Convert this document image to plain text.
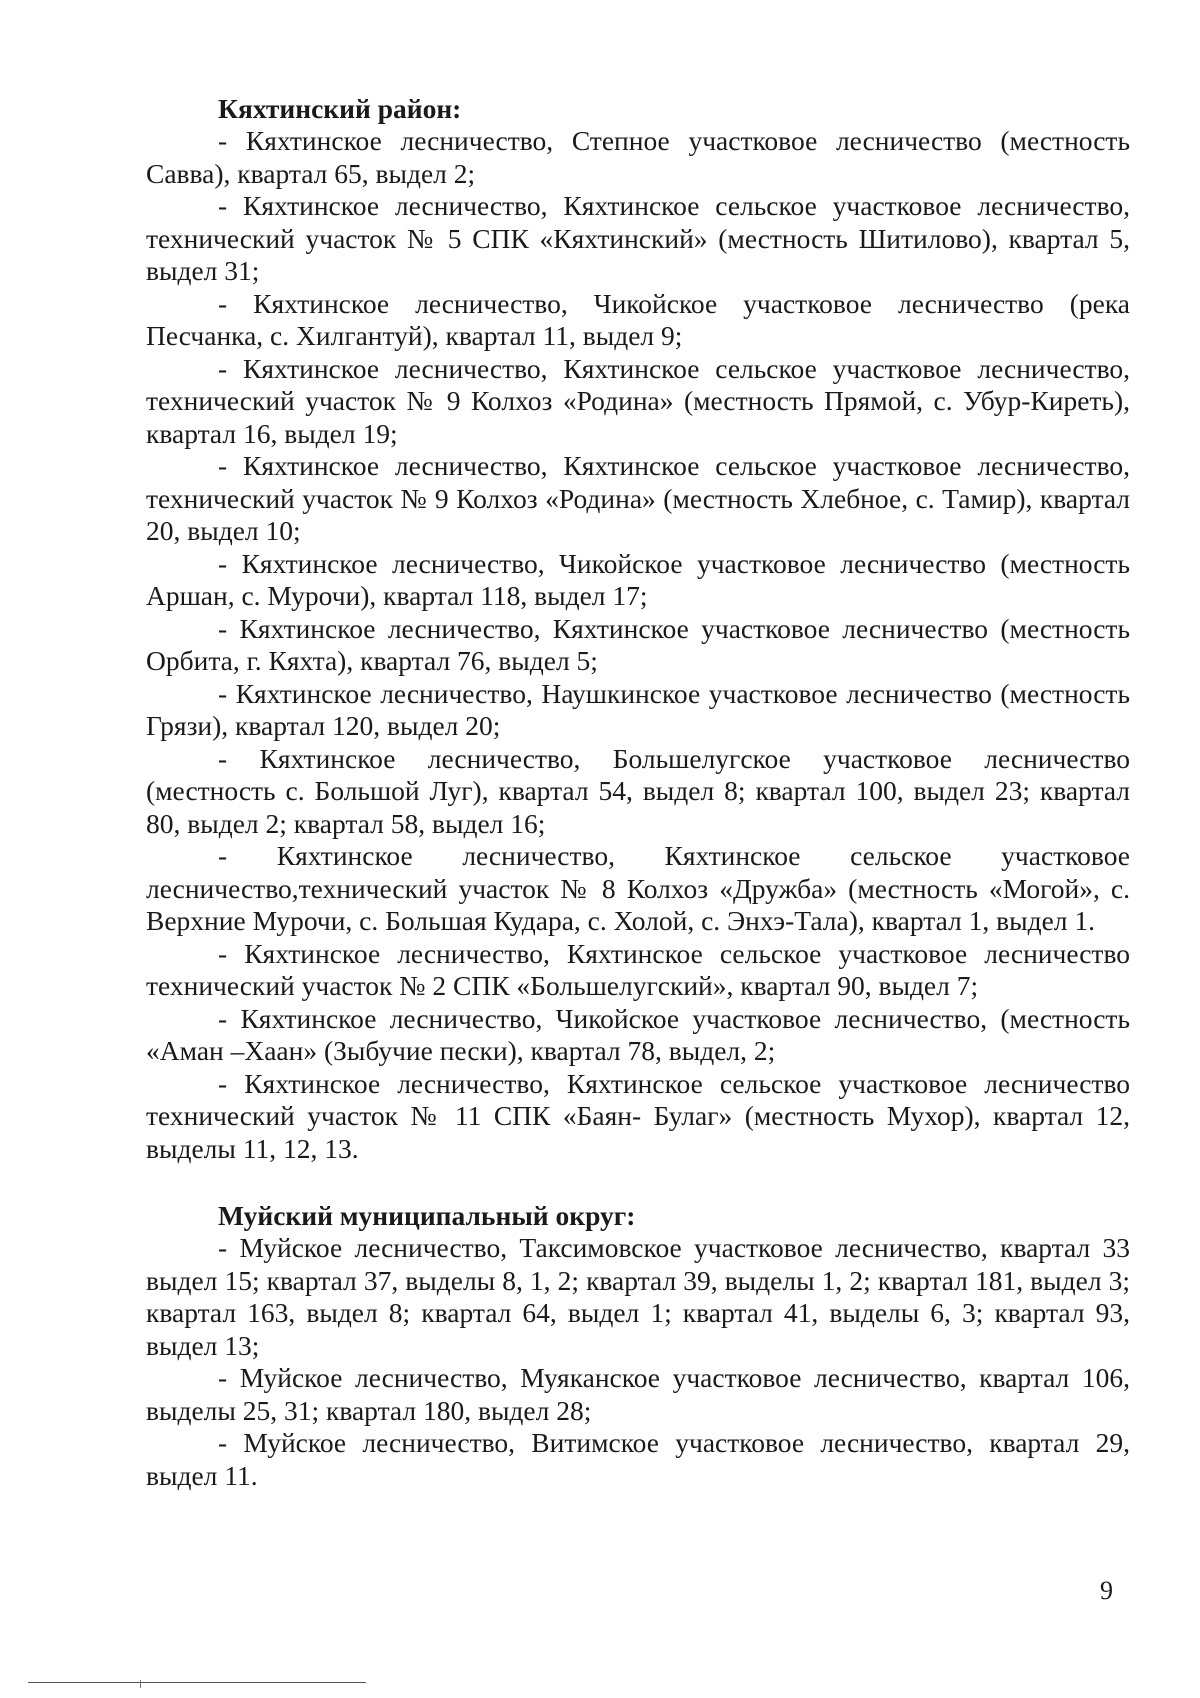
Кяхтинский район:

- Кяхтинское лесничество, Степное участковое лесничество (местность Савва), квартал 65, выдел 2;

- Кяхтинское лесничество, Кяхтинское сельское участковое лесничество, технический участок № 5 СПК «Кяхтинский» (местность Шитилово), квартал 5, выдел 31;

- Кяхтинское лесничество, Чикойское участковое лесничество (река Песчанка, с. Хилгантуй), квартал 11, выдел 9;

- Кяхтинское лесничество, Кяхтинское сельское участковое лесничество, технический участок № 9 Колхоз «Родина» (местность Прямой, с. Убур-Киреть), квартал 16, выдел 19;

- Кяхтинское лесничество, Кяхтинское сельское участковое лесничество, технический участок № 9 Колхоз «Родина» (местность Хлебное, с. Тамир), квартал 20, выдел 10;

- Кяхтинское лесничество, Чикойское участковое лесничество (местность Аршан, с. Мурочи), квартал 118, выдел 17;

- Кяхтинское лесничество, Кяхтинское участковое лесничество (местность Орбита, г. Кяхта), квартал 76, выдел 5;

- Кяхтинское лесничество, Наушкинское участковое лесничество (местность Грязи), квартал 120, выдел 20;

- Кяхтинское лесничество, Большелугское участковое лесничество (местность с. Большой Луг), квартал 54, выдел 8; квартал 100, выдел 23; квартал 80, выдел 2; квартал 58, выдел 16;

- Кяхтинское лесничество, Кяхтинское сельское участковое лесничество,технический участок № 8 Колхоз «Дружба» (местность «Могой», с. Верхние Мурочи, с. Большая Кудара, с. Холой, с. Энхэ-Тала), квартал 1, выдел 1.

- Кяхтинское лесничество, Кяхтинское сельское участковое лесничество технический участок № 2 СПК «Большелугский», квартал 90, выдел 7;

- Кяхтинское лесничество, Чикойское участковое лесничество, (местность «Аман –Хаан» (Зыбучие пески), квартал 78, выдел, 2;

- Кяхтинское лесничество, Кяхтинское сельское участковое лесничество технический участок № 11 СПК «Баян- Булаг» (местность Мухор), квартал 12, выделы 11, 12, 13.

Муйский муниципальный округ:

- Муйское лесничество, Таксимовское участковое лесничество, квартал 33 выдел 15; квартал 37, выделы 8, 1, 2; квартал 39, выделы 1, 2; квартал 181, выдел 3; квартал 163, выдел 8; квартал 64, выдел 1; квартал 41, выделы 6, 3; квартал 93, выдел 13;

- Муйское лесничество, Муяканское участковое лесничество, квартал 106, выделы 25, 31; квартал 180, выдел 28;

- Муйское лесничество, Витимское участковое лесничество, квартал 29, выдел 11.

9
